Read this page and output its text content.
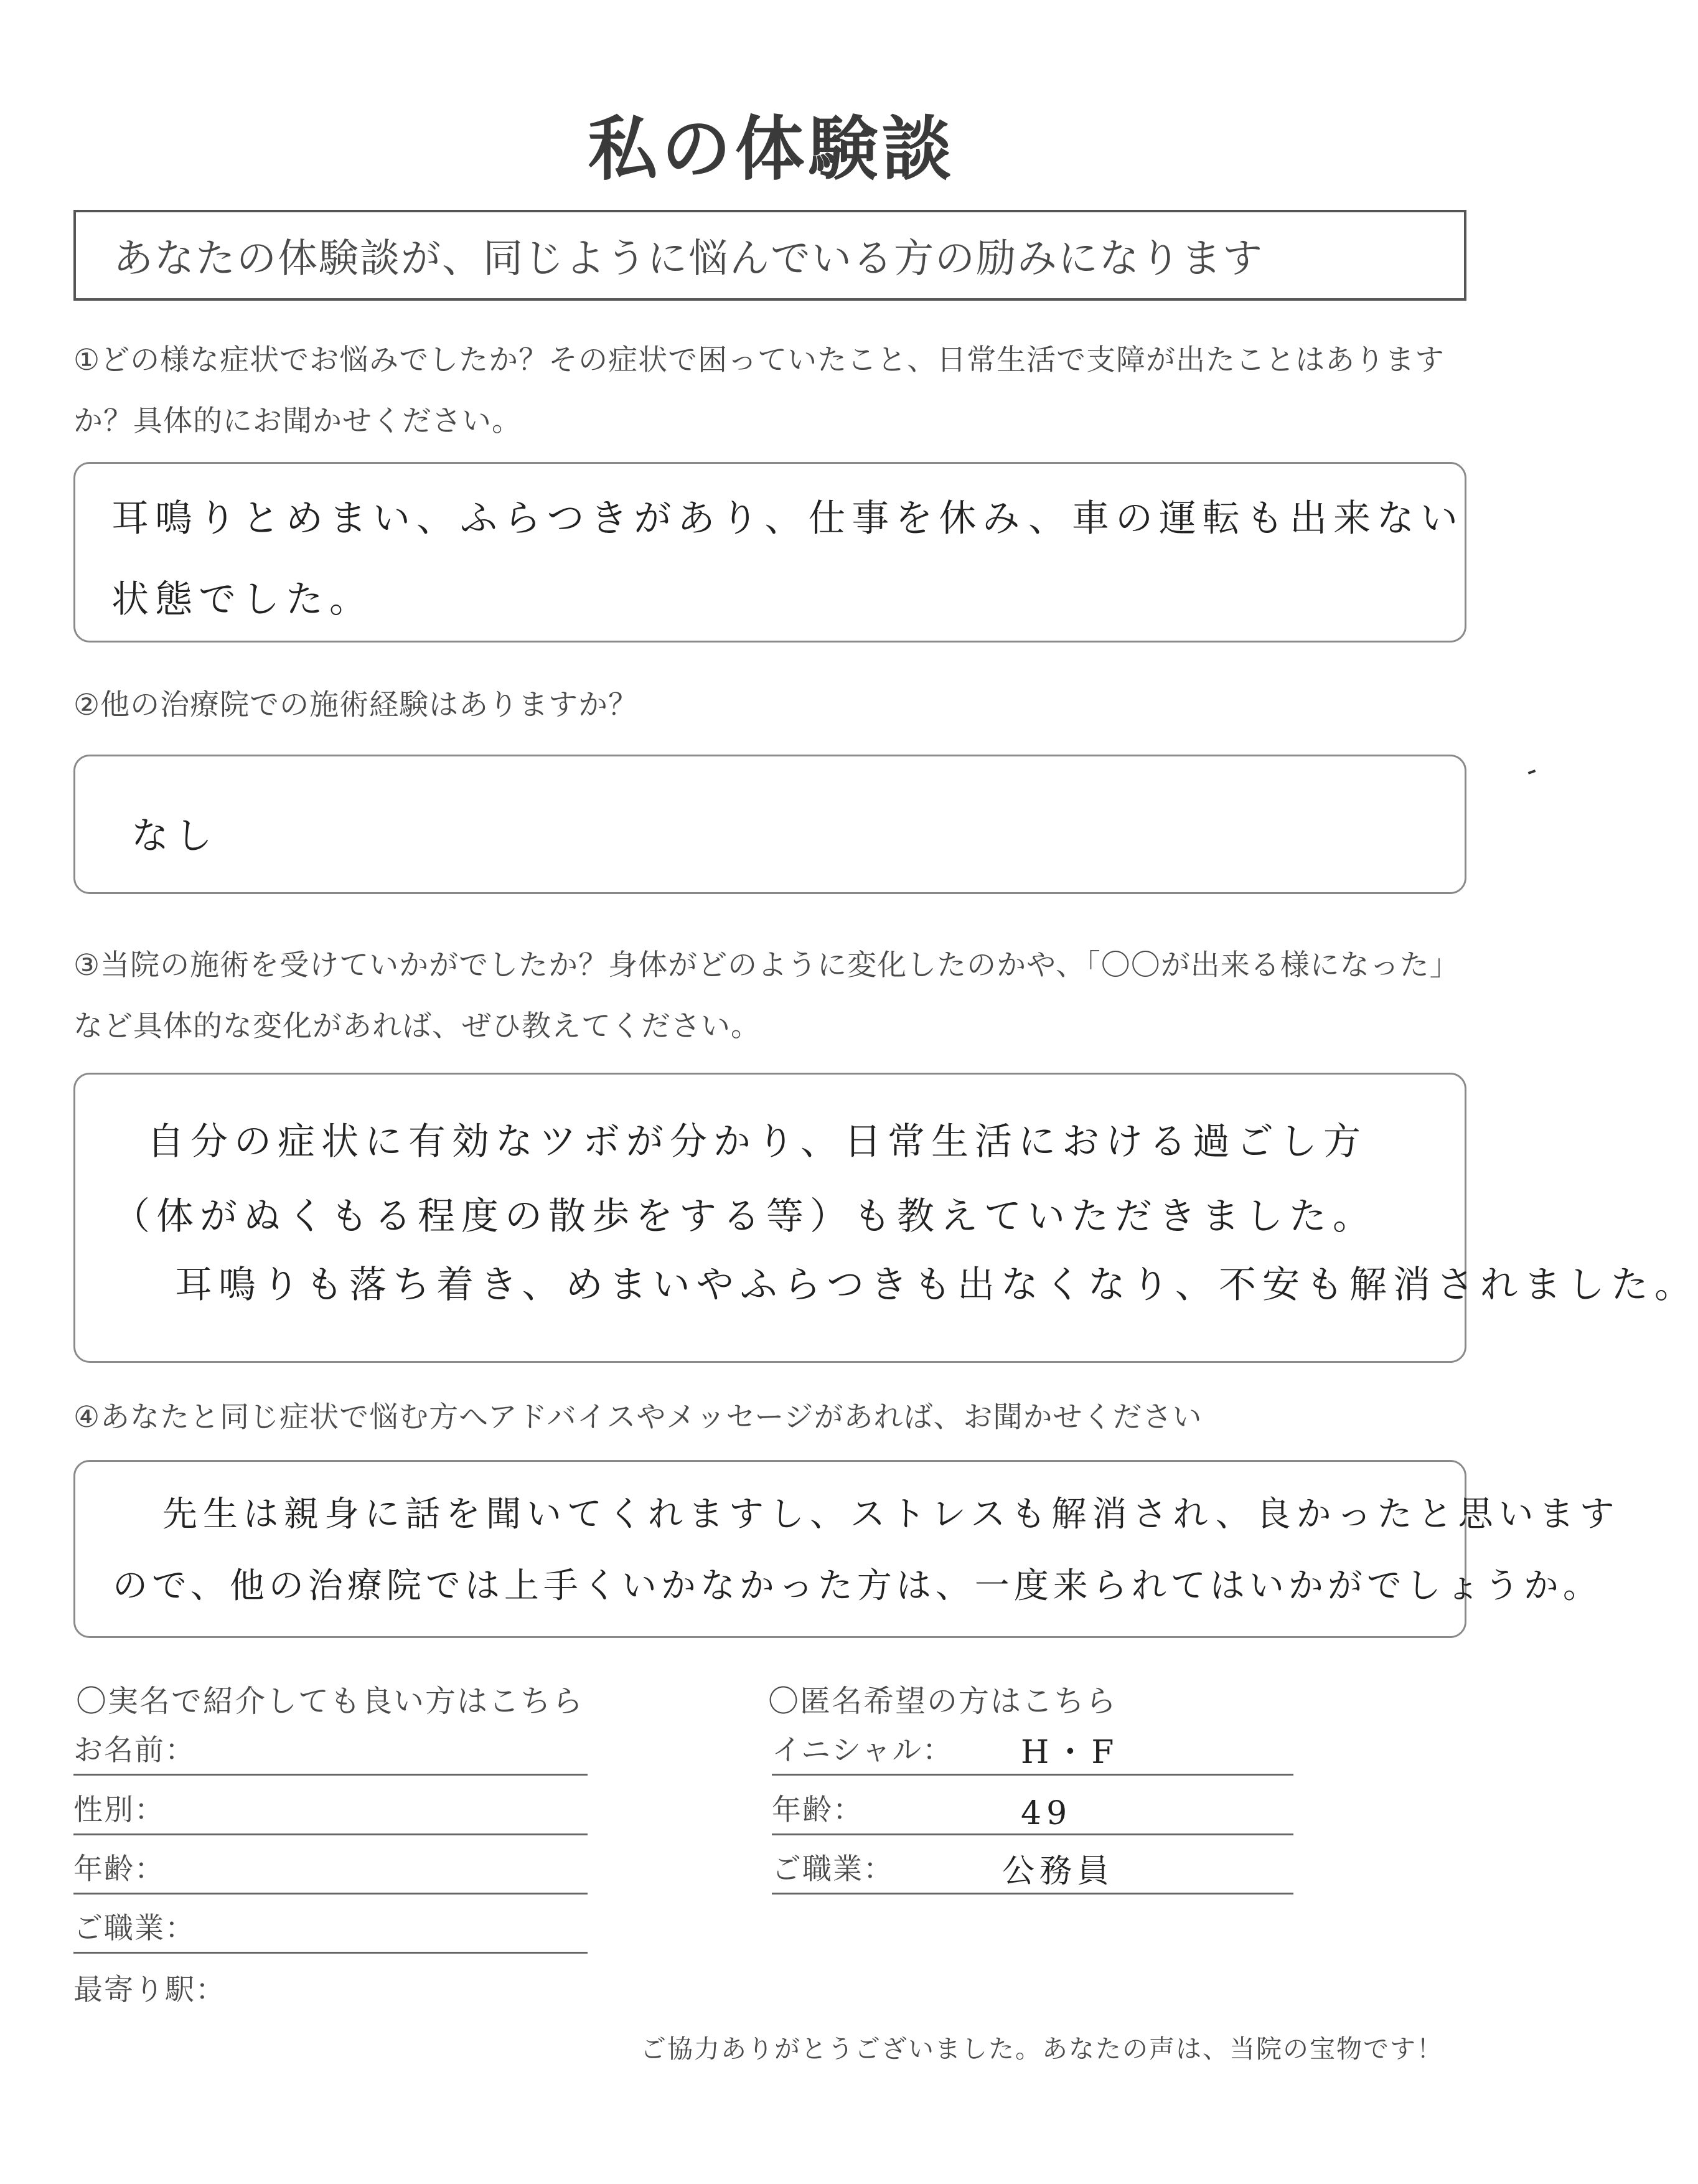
私の体験談
あなたの体験談が、同じように悩んでいる方の励みになります
①どの様な症状でお悩みでしたか？その症状で困っていたこと、日常生活で支障が出たことはありますか？具体的にお聞かせください。
耳鳴りとめまい、ふらつきがあり、仕事を休み、車の運転も出来ない
状態でした。
②他の治療院での施術経験はありますか？
なし
③当院の施術を受けていかがでしたか？身体がどのように変化したのかや、「〇〇が出来る様になった」など具体的な変化があれば、ぜひ教えてください。
自分の症状に有効なツボが分かり、日常生活における過ごし方
（体がぬくもる程度の散歩をする等）も教えていただきました。
耳鳴りも落ち着き、めまいやふらつきも出なくなり、不安も解消されました。
④あなたと同じ症状で悩む方へアドバイスやメッセージがあれば、お聞かせください
先生は親身に話を聞いてくれますし、ストレスも解消され、良かったと思います
ので、他の治療院では上手くいかなかった方は、一度来られてはいかがでしょうか。
〇実名で紹介しても良い方はこちら
お名前：
性別：
年齢：
ご職業：
最寄り駅：
〇匿名希望の方はこちら
イニシャル： H・F
年齢：	49
ご職業：	公務員
ご協力ありがとうございました。あなたの声は、当院の宝物です！
